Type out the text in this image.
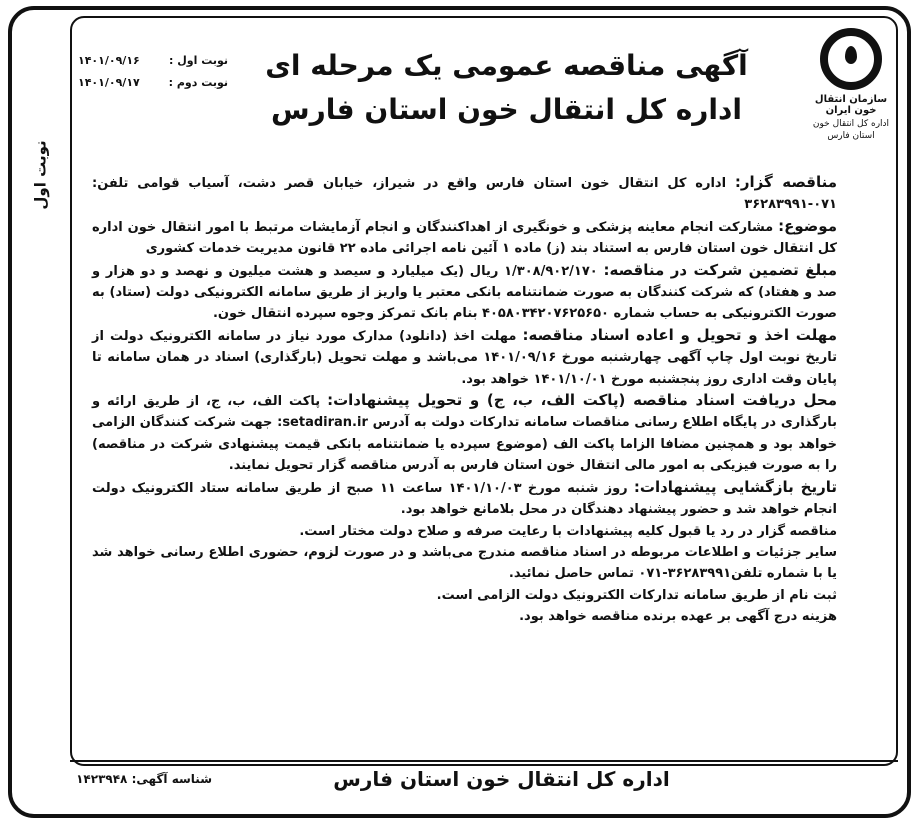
نوبت اول
سازمان انتقال خون ایران
اداره کل انتقال خون
استان فارس
نوبت اول :
۱۴۰۱/۰۹/۱۶
نوبت دوم :
۱۴۰۱/۰۹/۱۷
آگهی مناقصه عمومی یک مرحله ای
اداره کل انتقال خون استان فارس

مناقصه گزار: اداره کل انتقال خون استان فارس واقع در شیراز، خیابان قصر دشت، آسیاب قوامی تلفن: ۰۷۱-۳۶۲۸۳۹۹۱

موضوع: مشارکت انجام معاینه پزشکی و خونگیری از اهداکنندگان و انجام آزمایشات مرتبط با امور انتقال خون اداره کل انتقال خون استان فارس به استناد بند (ز) ماده ۱ آئین نامه اجرائی ماده ۲۲ قانون مدیریت خدمات کشوری

مبلغ تضمین شرکت در مناقصه: ۱/۳۰۸/۹۰۲/۱۷۰ ریال (یک میلیارد و سیصد و هشت میلیون و نهصد و دو هزار و صد و هفتاد) که شرکت کنندگان به صورت ضمانتنامه بانکی معتبر یا واریز از طریق سامانه الکترونیکی دولت (ستاد) به صورت الکترونیکی به حساب شماره ۴۰۵۸۰۳۴۲۰۷۶۲۵۶۵۰ بنام بانک تمرکز وجوه سپرده انتقال خون.

مهلت اخذ و تحویل و اعاده اسناد مناقصه: مهلت اخذ (دانلود) مدارک مورد نیاز در سامانه الکترونیک دولت از تاریخ نوبت اول چاپ آگهی چهارشنبه مورخ ۱۴۰۱/۰۹/۱۶ می‌باشد و مهلت تحویل (بارگذاری) اسناد در همان سامانه تا پایان وقت اداری روز پنجشنبه مورخ ۱۴۰۱/۱۰/۰۱ خواهد بود.

محل دریافت اسناد مناقصه (پاکت الف، ب، ج) و تحویل پیشنهادات: پاکت الف، ب، ج، از طریق ارائه و بارگذاری در پایگاه اطلاع رسانی مناقصات سامانه تدارکات دولت به آدرس setadiran.ir: جهت شرکت کنندگان الزامی خواهد بود و همچنین مضافا الزاما پاکت الف (موضوع سپرده یا ضمانتنامه بانکی قیمت پیشنهادی شرکت در مناقصه) را به صورت فیزیکی به امور مالی انتقال خون استان فارس به آدرس مناقصه گزار تحویل نمایند.

تاریخ بازگشایی پیشنهادات: روز شنبه مورخ ۱۴۰۱/۱۰/۰۳ ساعت ۱۱ صبح از طریق سامانه ستاد الکترونیک دولت انجام خواهد شد و حضور پیشنهاد دهندگان در محل بلامانع خواهد بود.

مناقصه گزار در رد یا قبول کلیه پیشنهادات با رعایت صرفه و صلاح دولت مختار است.

سایر جزئیات و اطلاعات مربوطه در اسناد مناقصه مندرج می‌باشد و در صورت لزوم، حضوری اطلاع رسانی خواهد شد یا با شماره تلفن۳۶۲۸۳۹۹۱-۰۷۱ تماس حاصل نمائید.

ثبت نام از طریق سامانه تدارکات الکترونیک دولت الزامی است.

هزینه درج آگهی بر عهده برنده مناقصه خواهد بود.

اداره کل انتقال خون استان فارس
شناسه آگهی: ۱۴۲۳۹۴۸
